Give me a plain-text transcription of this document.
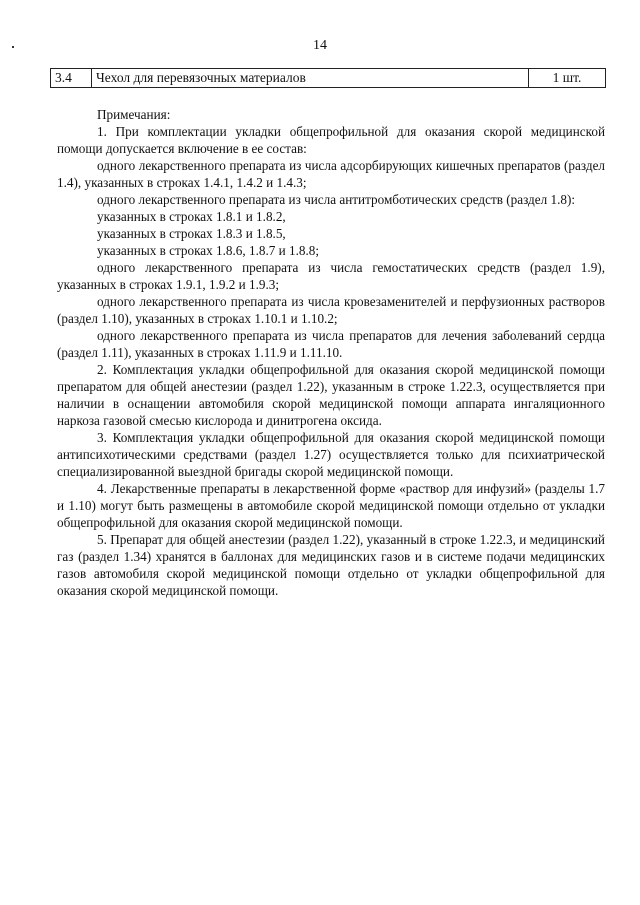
14
3.4	Чехол для перевязочных материалов	1 шт.

Примечания:

1. При комплектации укладки общепрофильной для оказания скорой медицинской помощи допускается включение в ее состав:

одного лекарственного препарата из числа адсорбирующих кишечных препаратов (раздел 1.4), указанных в строках 1.4.1, 1.4.2 и 1.4.3;

одного лекарственного препарата из числа антитромботических средств (раздел 1.8):

указанных в строках 1.8.1 и 1.8.2,

указанных в строках 1.8.3 и 1.8.5,

указанных в строках 1.8.6, 1.8.7 и 1.8.8;

одного лекарственного препарата из числа гемостатических средств (раздел 1.9), указанных в строках 1.9.1, 1.9.2 и 1.9.3;

одного лекарственного препарата из числа кровезаменителей и перфузионных растворов (раздел 1.10), указанных в строках 1.10.1 и 1.10.2;

одного лекарственного препарата из числа препаратов для лечения заболеваний сердца (раздел 1.11), указанных в строках 1.11.9 и 1.11.10.

2. Комплектация укладки общепрофильной для оказания скорой медицинской помощи препаратом для общей анестезии (раздел 1.22), указанным в строке 1.22.3, осуществляется при наличии в оснащении автомобиля скорой медицинской помощи аппарата ингаляционного наркоза газовой смесью кислорода и динитрогена оксида.

3. Комплектация укладки общепрофильной для оказания скорой медицинской помощи антипсихотическими средствами (раздел 1.27) осуществляется только для психиатрической специализированной выездной бригады скорой медицинской помощи.

4. Лекарственные препараты в лекарственной форме «раствор для инфузий» (разделы 1.7 и 1.10) могут быть размещены в автомобиле скорой медицинской помощи отдельно от укладки общепрофильной для оказания скорой медицинской помощи.

5. Препарат для общей анестезии (раздел 1.22), указанный в строке 1.22.3, и медицинский газ (раздел 1.34) хранятся в баллонах для медицинских газов и в системе подачи медицинских газов автомобиля скорой медицинской помощи отдельно от укладки общепрофильной для оказания скорой медицинской помощи.
